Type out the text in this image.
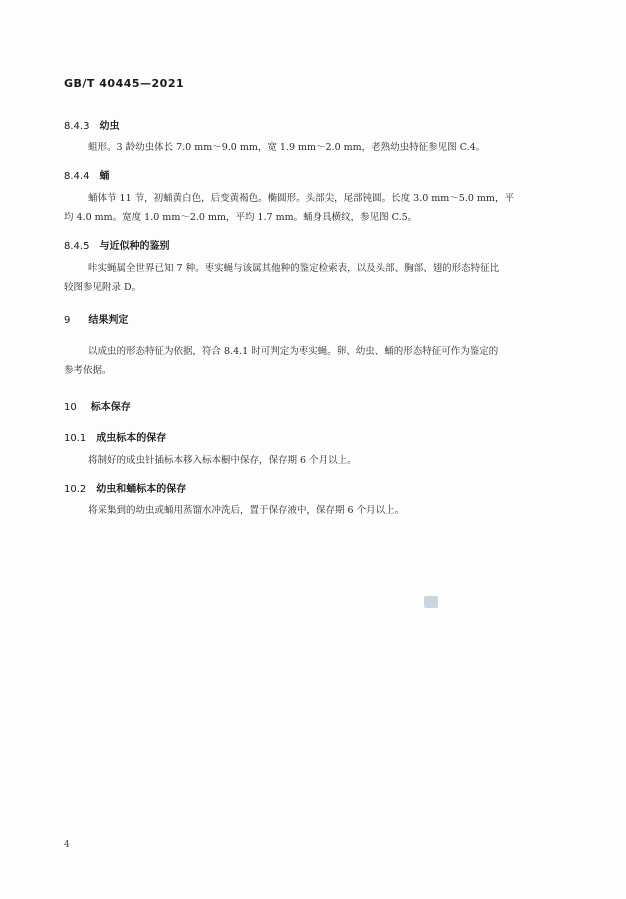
GB/T 40445—2021
8.4.3 幼虫
蛆形。3 龄幼虫体长 7.0 mm～9.0 mm，宽 1.9 mm～2.0 mm，老熟幼虫特征参见图 C.4。
8.4.4 蛹
蛹体节 11 节，初蛹黄白色，后变黄褐色。椭圆形。头部尖，尾部钝圆。长度 3.0 mm～5.0 mm，平
均 4.0 mm。宽度 1.0 mm～2.0 mm，平均 1.7 mm。蛹身具横纹，参见图 C.5。
8.4.5 与近似种的鉴别
咔实蝇属全世界已知 7 种。枣实蝇与该属其他种的鉴定检索表，以及头部、胸部、翅的形态特征比
较图参见附录 D。
9 结果判定
以成虫的形态特征为依据，符合 8.4.1 时可判定为枣实蝇。卵、幼虫、蛹的形态特征可作为鉴定的
参考依据。
10 标本保存
10.1 成虫标本的保存
将制好的成虫针插标本移入标本橱中保存，保存期 6 个月以上。
10.2 幼虫和蛹标本的保存
将采集到的幼虫或蛹用蒸馏水冲洗后，置于保存液中，保存期 6 个月以上。
4
